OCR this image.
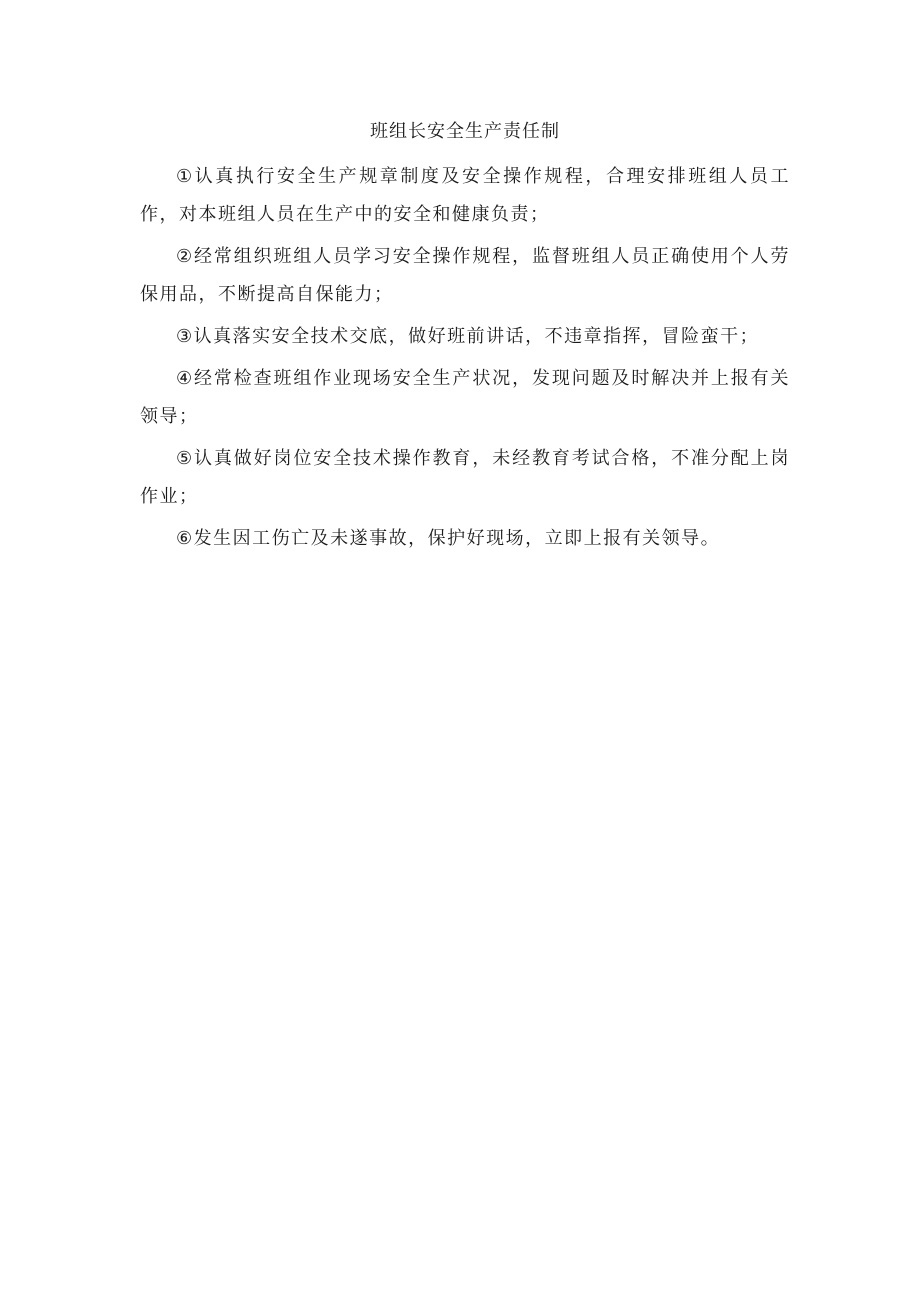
班组长安全生产责任制

①认真执行安全生产规章制度及安全操作规程，合理安排班组人员工作，对本班组人员在生产中的安全和健康负责；

②经常组织班组人员学习安全操作规程，监督班组人员正确使用个人劳保用品，不断提高自保能力；

③认真落实安全技术交底，做好班前讲话，不违章指挥，冒险蛮干；

④经常检查班组作业现场安全生产状况，发现问题及时解决并上报有关领导；

⑤认真做好岗位安全技术操作教育，未经教育考试合格，不准分配上岗作业；

⑥发生因工伤亡及未遂事故，保护好现场，立即上报有关领导。
